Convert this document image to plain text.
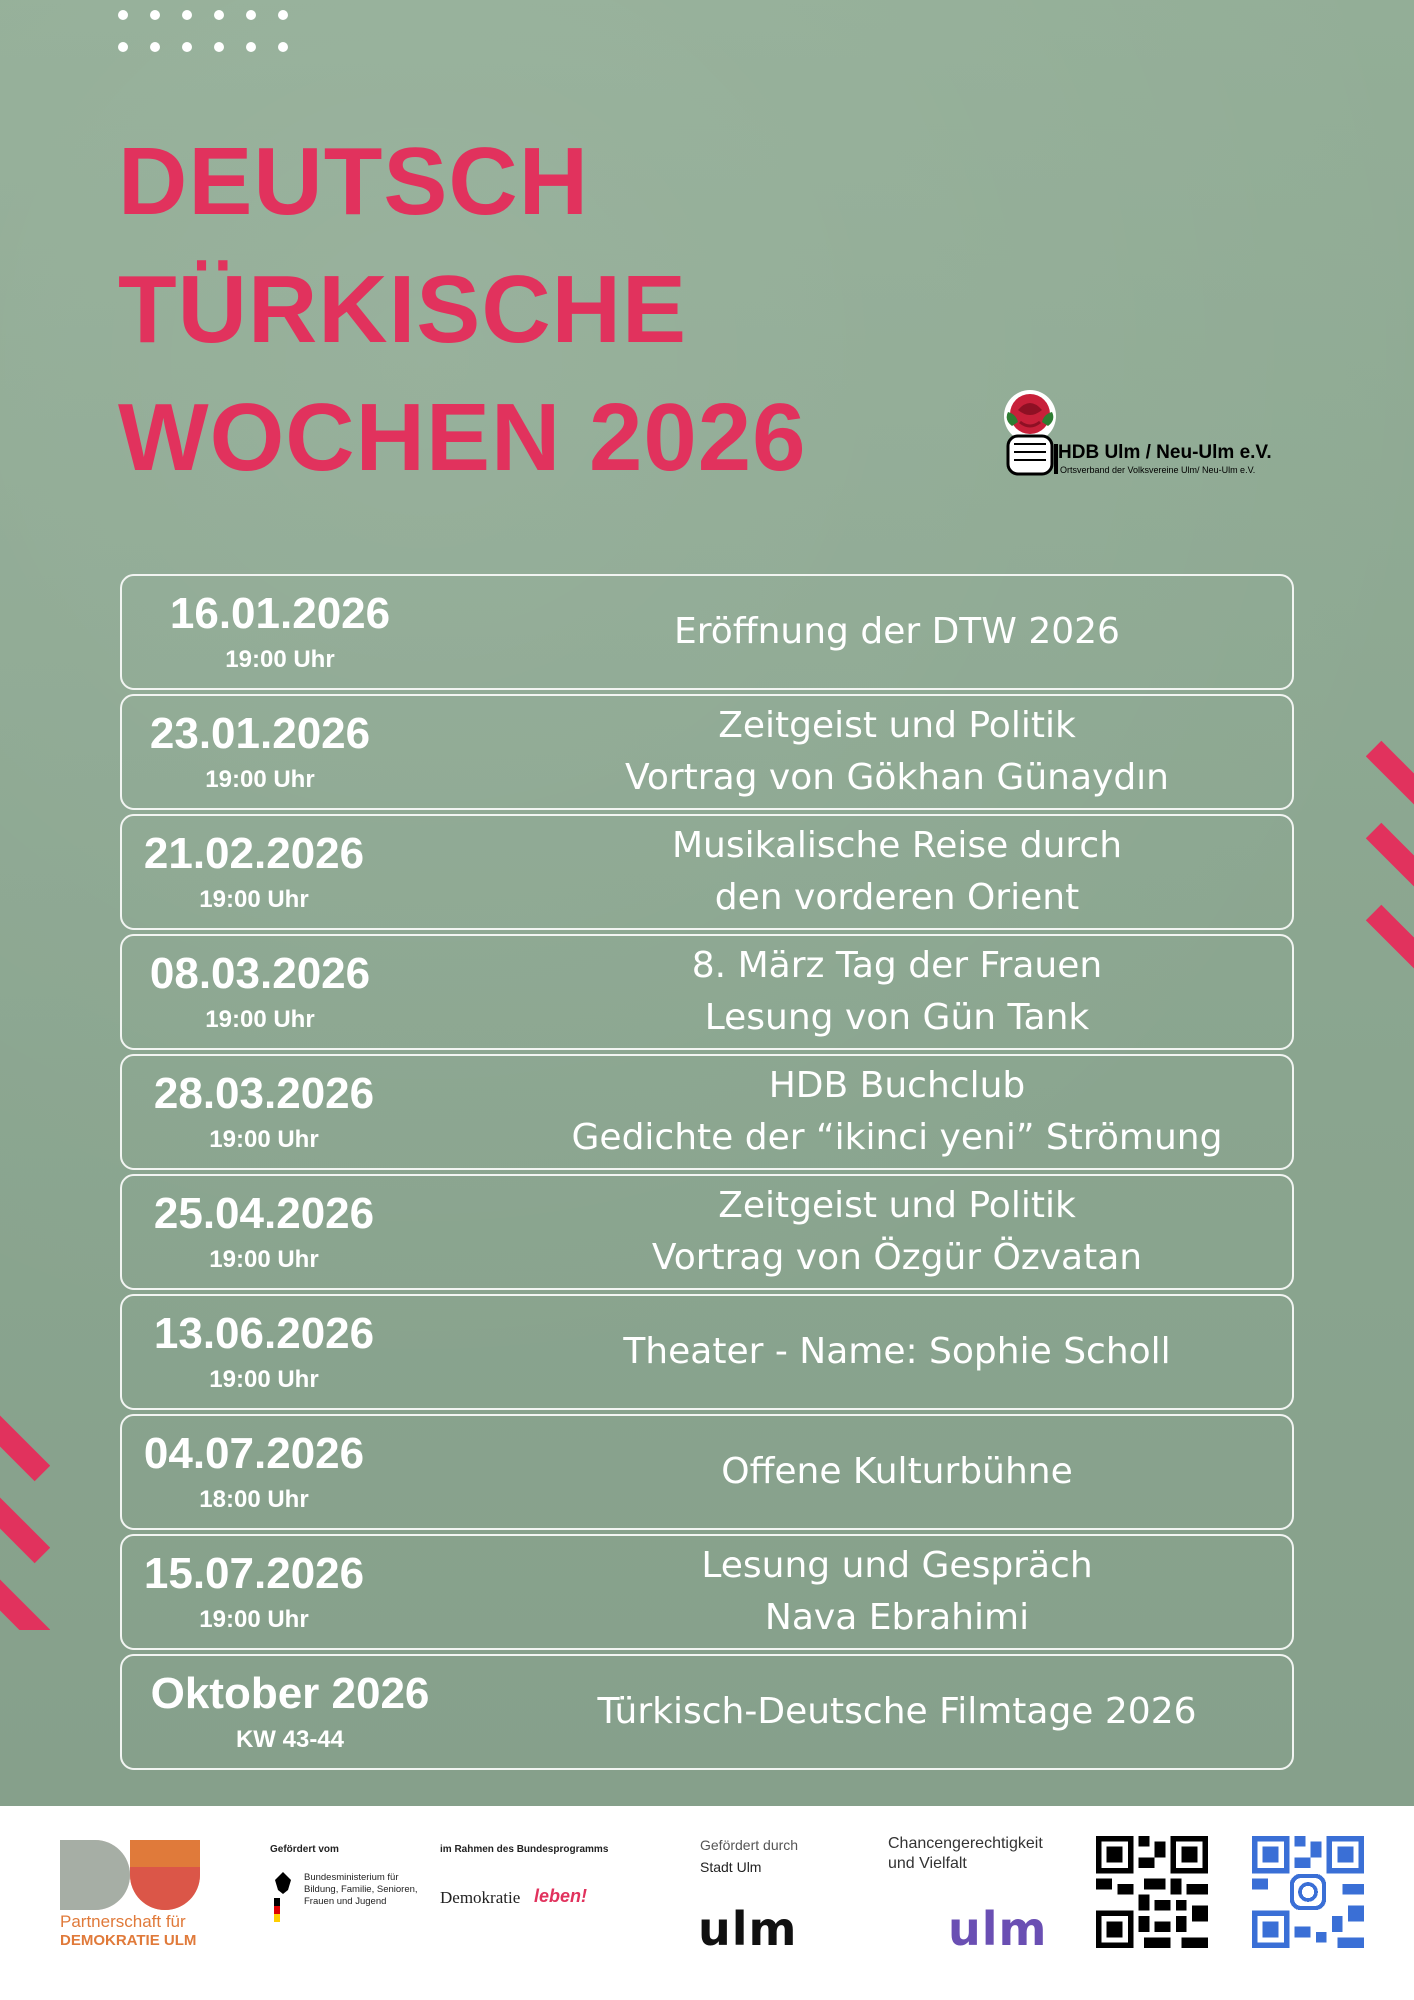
DEUTSCH
TÜRKISCHE
WOCHEN 2026	HDB Ulm / Neu-Ulm e.V.
Ortsverband der Volksvereine Ulm/ Neu-Ulm e.V.
16.01.2026
19:00 Uhr
Eröffnung der DTW 2026
23.01.2026
19:00 Uhr
Zeitgeist und Politik
Vortrag von Gökhan Günaydın
21.02.2026
19:00 Uhr
Musikalische Reise durch
den vorderen Orient
08.03.2026
19:00 Uhr
8. März Tag der Frauen
Lesung von Gün Tank
28.03.2026
19:00 Uhr
HDB Buchclub
Gedichte der “ikinci yeni” Strömung
25.04.2026
19:00 Uhr
Zeitgeist und Politik
Vortrag von Özgür Özvatan
13.06.2026
19:00 Uhr
Theater - Name: Sophie Scholl
04.07.2026
18:00 Uhr
Offene Kulturbühne
15.07.2026
19:00 Uhr
Lesung und Gespräch
Nava Ebrahimi
Oktober 2026
KW 43-44
Türkisch-Deutsche Filmtage 2026
Partnerschaft für
DEMOKRATIE ULM
Gefördert vom
Bundesministerium für Bildung, Familie, Senioren, Frauen und Jugend
im Rahmen des Bundesprogramms
Demokratie leben!
Gefördert durch
Stadt Ulm
ulm
Chancengerechtigkeit
und Vielfalt
ulm
